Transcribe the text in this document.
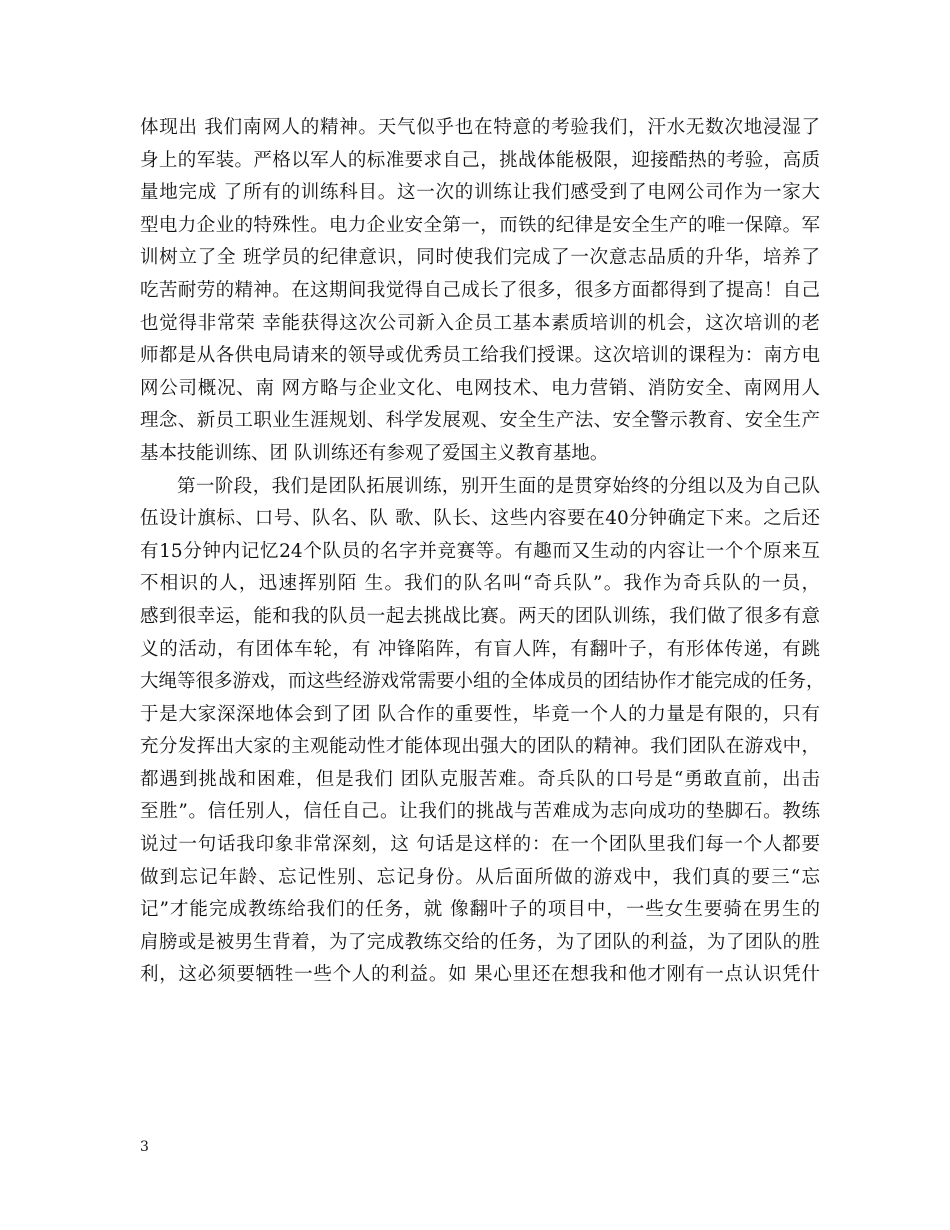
体现出 我们南网人的精神。天气似乎也在特意的考验我们，汗水无数次地浸湿了
身上的军装。严格以军人的标准要求自己，挑战体能极限，迎接酷热的考验，高质
量地完成 了所有的训练科目。这一次的训练让我们感受到了电网公司作为一家大
型电力企业的特殊性。电力企业安全第一，而铁的纪律是安全生产的唯一保障。军
训树立了全 班学员的纪律意识，同时使我们完成了一次意志品质的升华，培养了
吃苦耐劳的精神。在这期间我觉得自己成长了很多，很多方面都得到了提高！自己
也觉得非常荣 幸能获得这次公司新入企员工基本素质培训的机会，这次培训的老
师都是从各供电局请来的领导或优秀员工给我们授课。这次培训的课程为：南方电
网公司概况、南 网方略与企业文化、电网技术、电力营销、消防安全、南网用人
理念、新员工职业生涯规划、科学发展观、安全生产法、安全警示教育、安全生产
基本技能训练、团 队训练还有参观了爱国主义教育基地。
第一阶段，我们是团队拓展训练，别开生面的是贯穿始终的分组以及为自己队
伍设计旗标、口号、队名、队 歌、队长、这些内容要在40分钟确定下来。之后还
有15分钟内记忆24个队员的名字并竞赛等。有趣而又生动的内容让一个个原来互
不相识的人，迅速挥别陌 生。我们的队名叫“奇兵队”。我作为奇兵队的一员，
感到很幸运，能和我的队员一起去挑战比赛。两天的团队训练，我们做了很多有意
义的活动，有团体车轮，有 冲锋陷阵，有盲人阵，有翻叶子，有形体传递，有跳
大绳等很多游戏，而这些经游戏常需要小组的全体成员的团结协作才能完成的任务，
于是大家深深地体会到了团 队合作的重要性，毕竟一个人的力量是有限的，只有
充分发挥出大家的主观能动性才能体现出强大的团队的精神。我们团队在游戏中，
都遇到挑战和困难，但是我们 团队克服苦难。奇兵队的口号是“勇敢直前，出击
至胜”。信任别人，信任自己。让我们的挑战与苦难成为志向成功的垫脚石。教练
说过一句话我印象非常深刻，这 句话是这样的：在一个团队里我们每一个人都要
做到忘记年龄、忘记性别、忘记身份。从后面所做的游戏中，我们真的要三“忘
记”才能完成教练给我们的任务，就 像翻叶子的项目中，一些女生要骑在男生的
肩膀或是被男生背着，为了完成教练交给的任务，为了团队的利益，为了团队的胜
利，这必须要牺牲一些个人的利益。如 果心里还在想我和他才刚有一点认识凭什
3
